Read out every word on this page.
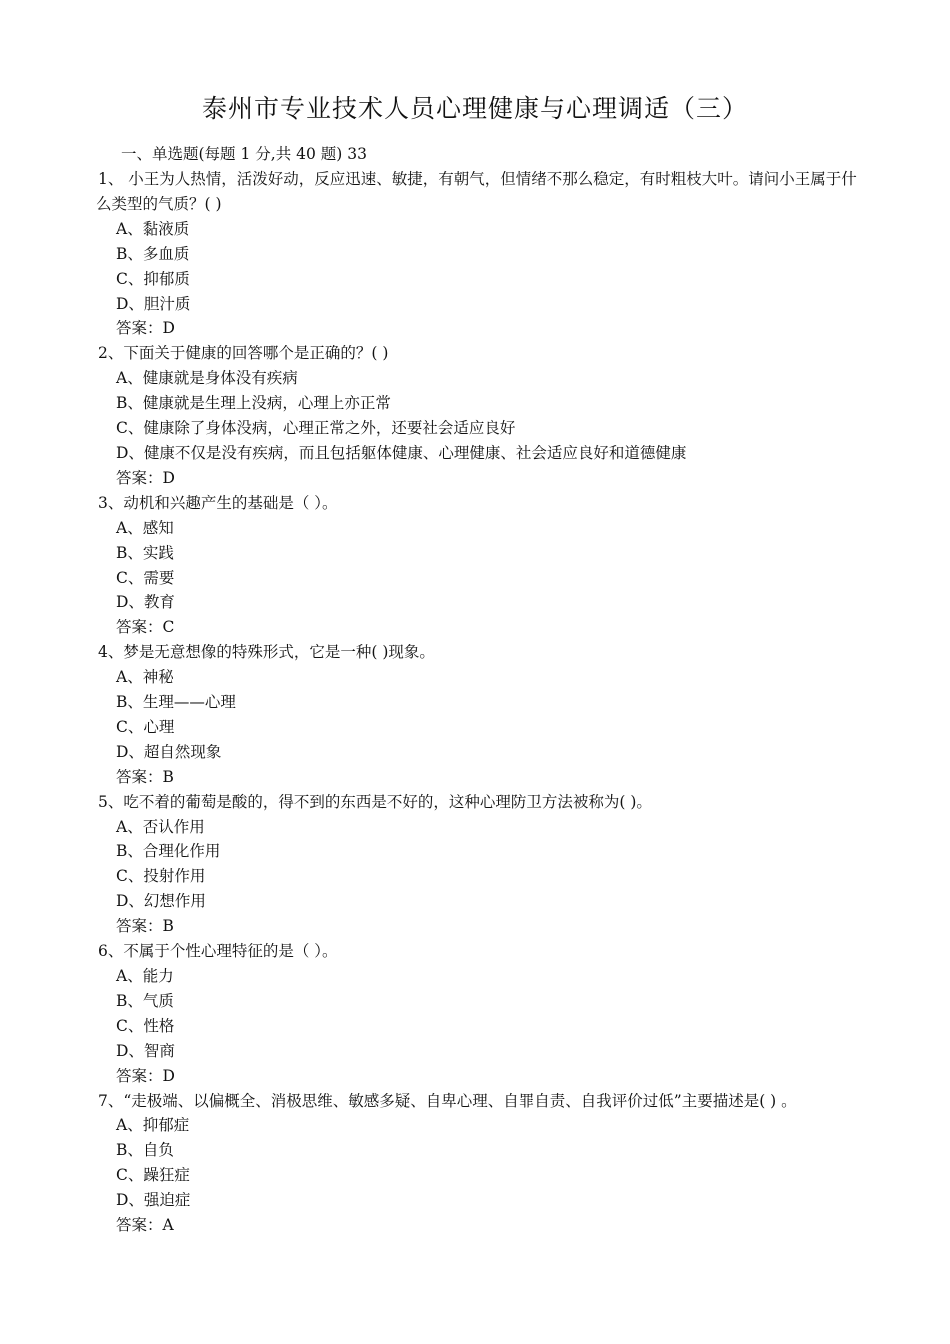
泰州市专业技术人员心理健康与心理调适（三）
一、单选题(每题 1 分,共 40 题) 33
1、 小王为人热情，活泼好动，反应迅速、敏捷，有朝气，但情绪不那么稳定，有时粗枝大叶。请问小王属于什么类型的气质？( )
A、黏液质
B、多血质
C、抑郁质
D、胆汁质
答案：D
2、下面关于健康的回答哪个是正确的？( )
A、健康就是身体没有疾病
B、健康就是生理上没病，心理上亦正常
C、健康除了身体没病，心理正常之外，还要社会适应良好
D、健康不仅是没有疾病，而且包括躯体健康、心理健康、社会适应良好和道德健康
答案：D
3、动机和兴趣产生的基础是（ ）。
A、感知
B、实践
C、需要
D、教育
答案：C
4、梦是无意想像的特殊形式，它是一种( )现象。
A、神秘
B、生理——心理
C、心理
D、超自然现象
答案：B
5、吃不着的葡萄是酸的，得不到的东西是不好的，这种心理防卫方法被称为( )。
A、否认作用
B、合理化作用
C、投射作用
D、幻想作用
答案：B
6、不属于个性心理特征的是（ ）。
A、能力
B、气质
C、性格
D、智商
答案：D
7、“走极端、以偏概全、消极思维、敏感多疑、自卑心理、自罪自责、自我评价过低”主要描述是( ) 。
A、抑郁症
B、自负
C、躁狂症
D、强迫症
答案：A
